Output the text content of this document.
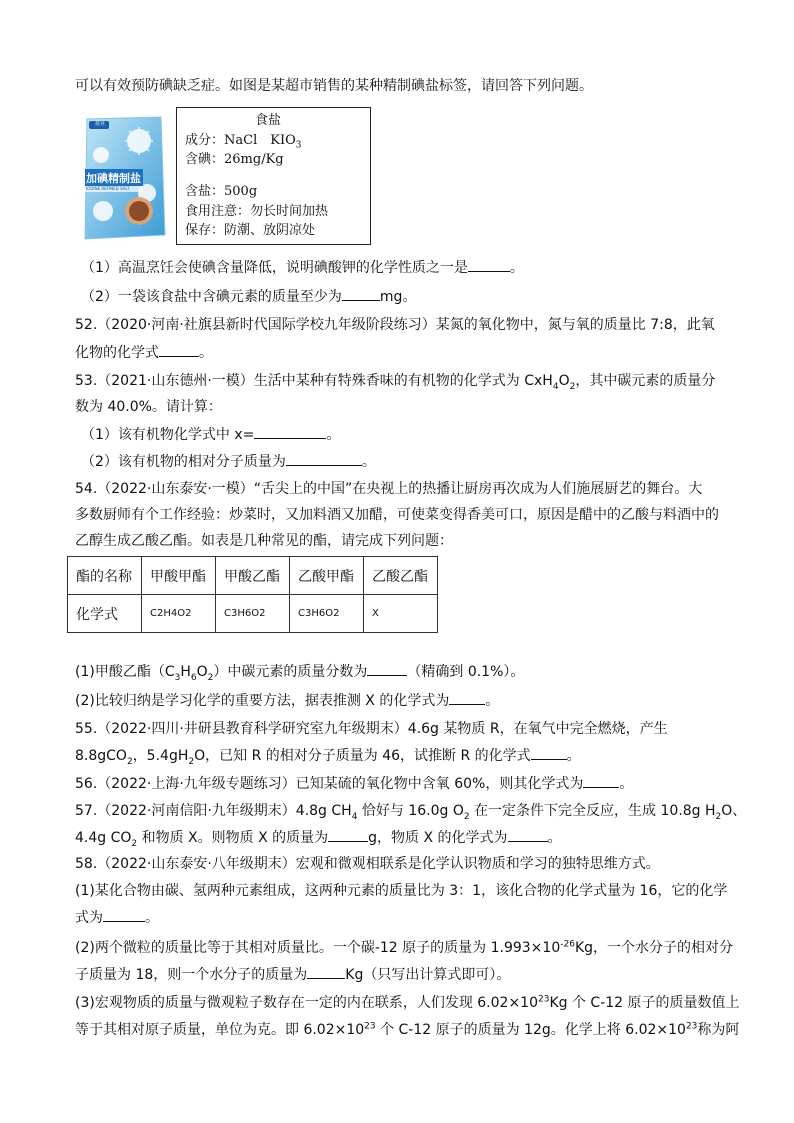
可以有效预防碘缺乏症。如图是某超市销售的某种精制碘盐标签，请回答下列问题。
盐业
加碘精制盐
IODINE REFINED SALT
食盐
成分：NaCl　$KIO_3$
含碘：26mg/Kg
含盐：500g
食用注意：勿长时间加热
保存：防潮、放阴凉处
（1）高温烹饪会使碘含量降低，说明碘酸钾的化学性质之一是	。
（2）一袋该食盐中含碘元素的质量至少为	mg。
52.（2020·河南·社旗县新时代国际学校九年级阶段练习）某氮的氧化物中，氮与氧的质量比 7:8，此氧
化物的化学式	。
53.（2021·山东德州·一模）生活中某种有特殊香味的有机物的化学式为 $CxH_4O_2$，其中碳元素的质量分
数为 40.0%。请计算：
（1）该有机物化学式中 x=	。
（2）该有机物的相对分子质量为	。
54.（2022·山东泰安·一模）“舌尖上的中国”在央视上的热播让厨房再次成为人们施展厨艺的舞台。大
多数厨师有个工作经验：炒菜时，又加料酒又加醋，可使菜变得香美可口，原因是醋中的乙酸与料酒中的
乙醇生成乙酸乙酯。如表是几种常见的酯，请完成下列问题：
酯的名称	甲酸甲酯	甲酸乙酯	乙酸甲酯	乙酸乙酯
化学式	C2H4O2	C3H6O2	C3H6O2	X
(1)甲酸乙酯$(C_3H_6O_2)$中碳元素的质量分数为	（精确到 0.1%）。
(2)比较归纳是学习化学的重要方法，据表推测 X 的化学式为	。
55.（2022·四川·井研县教育科学研究室九年级期末）4.6g 某物质 R，在氧气中完全燃烧，产生
8.8gCO$_2$，$5.4gH_2O$，已知 R 的相对分子质量为 46，试推断 R 的化学式	。
56.（2022·上海·九年级专题练习）已知某硫的氧化物中含氧 60%，则其化学式为	。
57.（2022·河南信阳·九年级期末）4.8g $CH_4$ 恰好与 16.0g $O_2$ 在一定条件下完全反应，生成 10.8g $H_2O$、
4.4g $CO_2$ 和物质 X。则物质 X 的质量为	g，物质 X 的化学式为	。
58.（2022·山东泰安·八年级期末）宏观和微观相联系是化学认识物质和学习的独特思维方式。
(1)某化合物由碳、氢两种元素组成，这两种元素的质量比为 3：1，该化合物的化学式量为 16，它的化学
式为	。
(2)两个微粒的质量比等于其相对质量比。一个碳-12 原子的质量为 $1.993\times 10^{-26}Kg$，一个水分子的相对分
子质量为 18，则一个水分子的质量为	Kg（只写出计算式即可）。
(3)宏观物质的质量与微观粒子数存在一定的内在联系，人们发现 $6.02\times 10^{23}Kg$ 个 C-12 原子的质量数值上
等于其相对原子质量，单位为克。即 $6.02\times 10^{23}$ 个 C-12 原子的质量为 12g。化学上将 $6.02\times 10^{23}$称为阿
